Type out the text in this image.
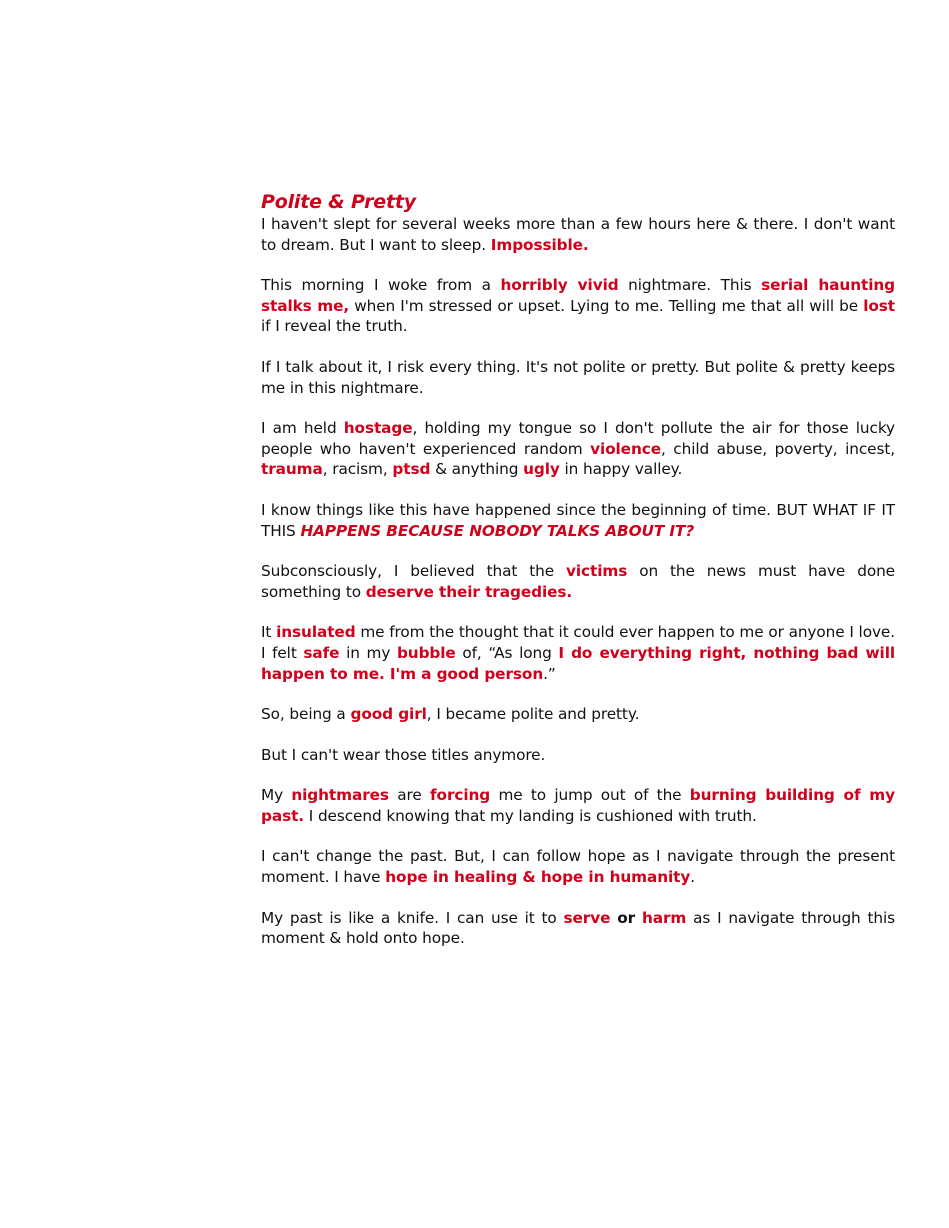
Polite & Pretty

I haven't slept for several weeks more than a few hours here & there. I don't want to dream. But I want to sleep. Impossible.

This morning I woke from a horribly vivid nightmare. This serial haunting stalks me, when I'm stressed or upset. Lying to me. Telling me that all will be lost if I reveal the truth.

If I talk about it, I risk every thing. It's not polite or pretty. But polite & pretty keeps me in this nightmare.

I am held hostage, holding my tongue so I don't pollute the air for those lucky people who haven't experienced random violence, child abuse, poverty, incest, trauma, racism, ptsd & anything ugly in happy valley.

I know things like this have happened since the beginning of time. BUT WHAT IF IT THIS HAPPENS BECAUSE NOBODY TALKS ABOUT IT?

Subconsciously, I believed that the victims on the news must have done something to deserve their tragedies.

It insulated me from the thought that it could ever happen to me or anyone I love. I felt safe in my bubble of, “As long I do everything right, nothing bad will happen to me. I'm a good person.”

So, being a good girl, I became polite and pretty.

But I can't wear those titles anymore.

My nightmares are forcing me to jump out of the burning building of my past. I descend knowing that my landing is cushioned with truth.

I can't change the past. But, I can follow hope as I navigate through the present moment. I have hope in healing & hope in humanity.

My past is like a knife. I can use it to serve or harm as I navigate through this moment & hold onto hope.
